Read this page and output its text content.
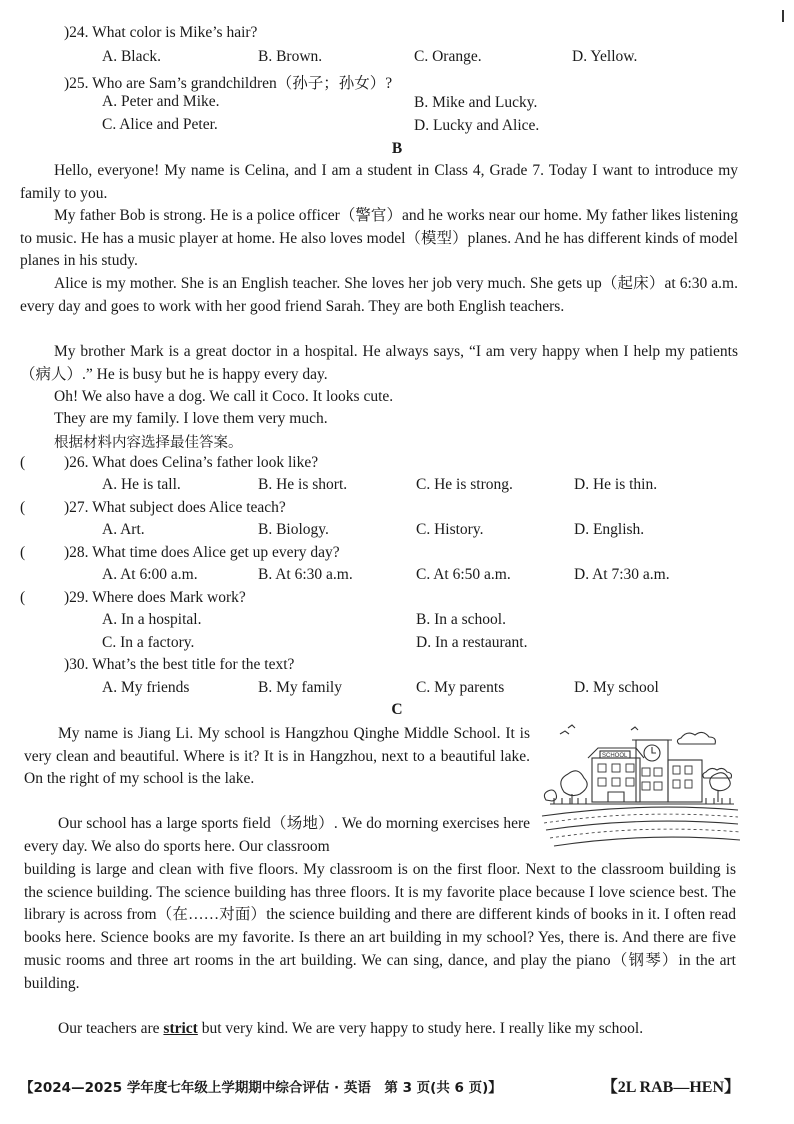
)24. What color is Mike’s hair?
A. Black.	B. Brown.	C. Orange.	D. Yellow.
)25. Who are Sam’s grandchildren（孙子；孙女）?
A. Peter and Mike.	B. Mike and Lucky.
C. Alice and Peter.	D. Lucky and Alice.
B
Hello, everyone! My name is Celina, and I am a student in Class 4, Grade 7. Today I want to introduce my family to you.
My father Bob is strong. He is a police officer（警官）and he works near our home. My father likes listening to music. He has a music player at home. He also loves model（模型）planes. And he has different kinds of model planes in his study.
Alice is my mother. She is an English teacher. She loves her job very much. She gets up（起床）at 6:30 a.m. every day and goes to work with her good friend Sarah. They are both English teachers.
My brother Mark is a great doctor in a hospital. He always says, “I am very happy when I help my patients（病人）.” He is busy but he is happy every day.
Oh! We also have a dog. We call it Coco. It looks cute.
They are my family. I love them very much.
根据材料内容选择最佳答案。
(	)26. What does Celina’s father look like?
A. He is tall.	B. He is short.	C. He is strong.	D. He is thin.
(	)27. What subject does Alice teach?
A. Art.	B. Biology.	C. History.	D. English.
(	)28. What time does Alice get up every day?
A. At 6:00 a.m.	B. At 6:30 a.m.	C. At 6:50 a.m.	D. At 7:30 a.m.
(	)29. Where does Mark work?
A. In a hospital.	B. In a school.
C. In a factory.	D. In a restaurant.
)30. What’s the best title for the text?
A. My friends	B. My family	C. My parents	D. My school
C
My name is Jiang Li. My school is Hangzhou Qinghe Middle School. It is very clean and beautiful. Where is it? It is in Hangzhou, next to a beautiful lake. On the right of my school is the lake.
Our school has a large sports field（场地）. We do morning exercises here every day. We also do sports here. Our classroom
building is large and clean with five floors. My classroom is on the first floor. Next to the classroom building is the science building. The science building has three floors. It is my favorite place because I love science best. The library is across from（在……对面）the science building and there are different kinds of books in it. I often read books here. Science books are my favorite. Is there an art building in my school? Yes, there is. And there are five music rooms and three art rooms in the art building. We can sing, dance, and play the piano（钢琴）in the art building.
Our teachers are strict but very kind. We are very happy to study here. I really like my school.
SCHOOL
【2024—2025 学年度七年级上学期期中综合评估 · 英语　第 3 页(共 6 页)】	【2L RAB—HEN】
